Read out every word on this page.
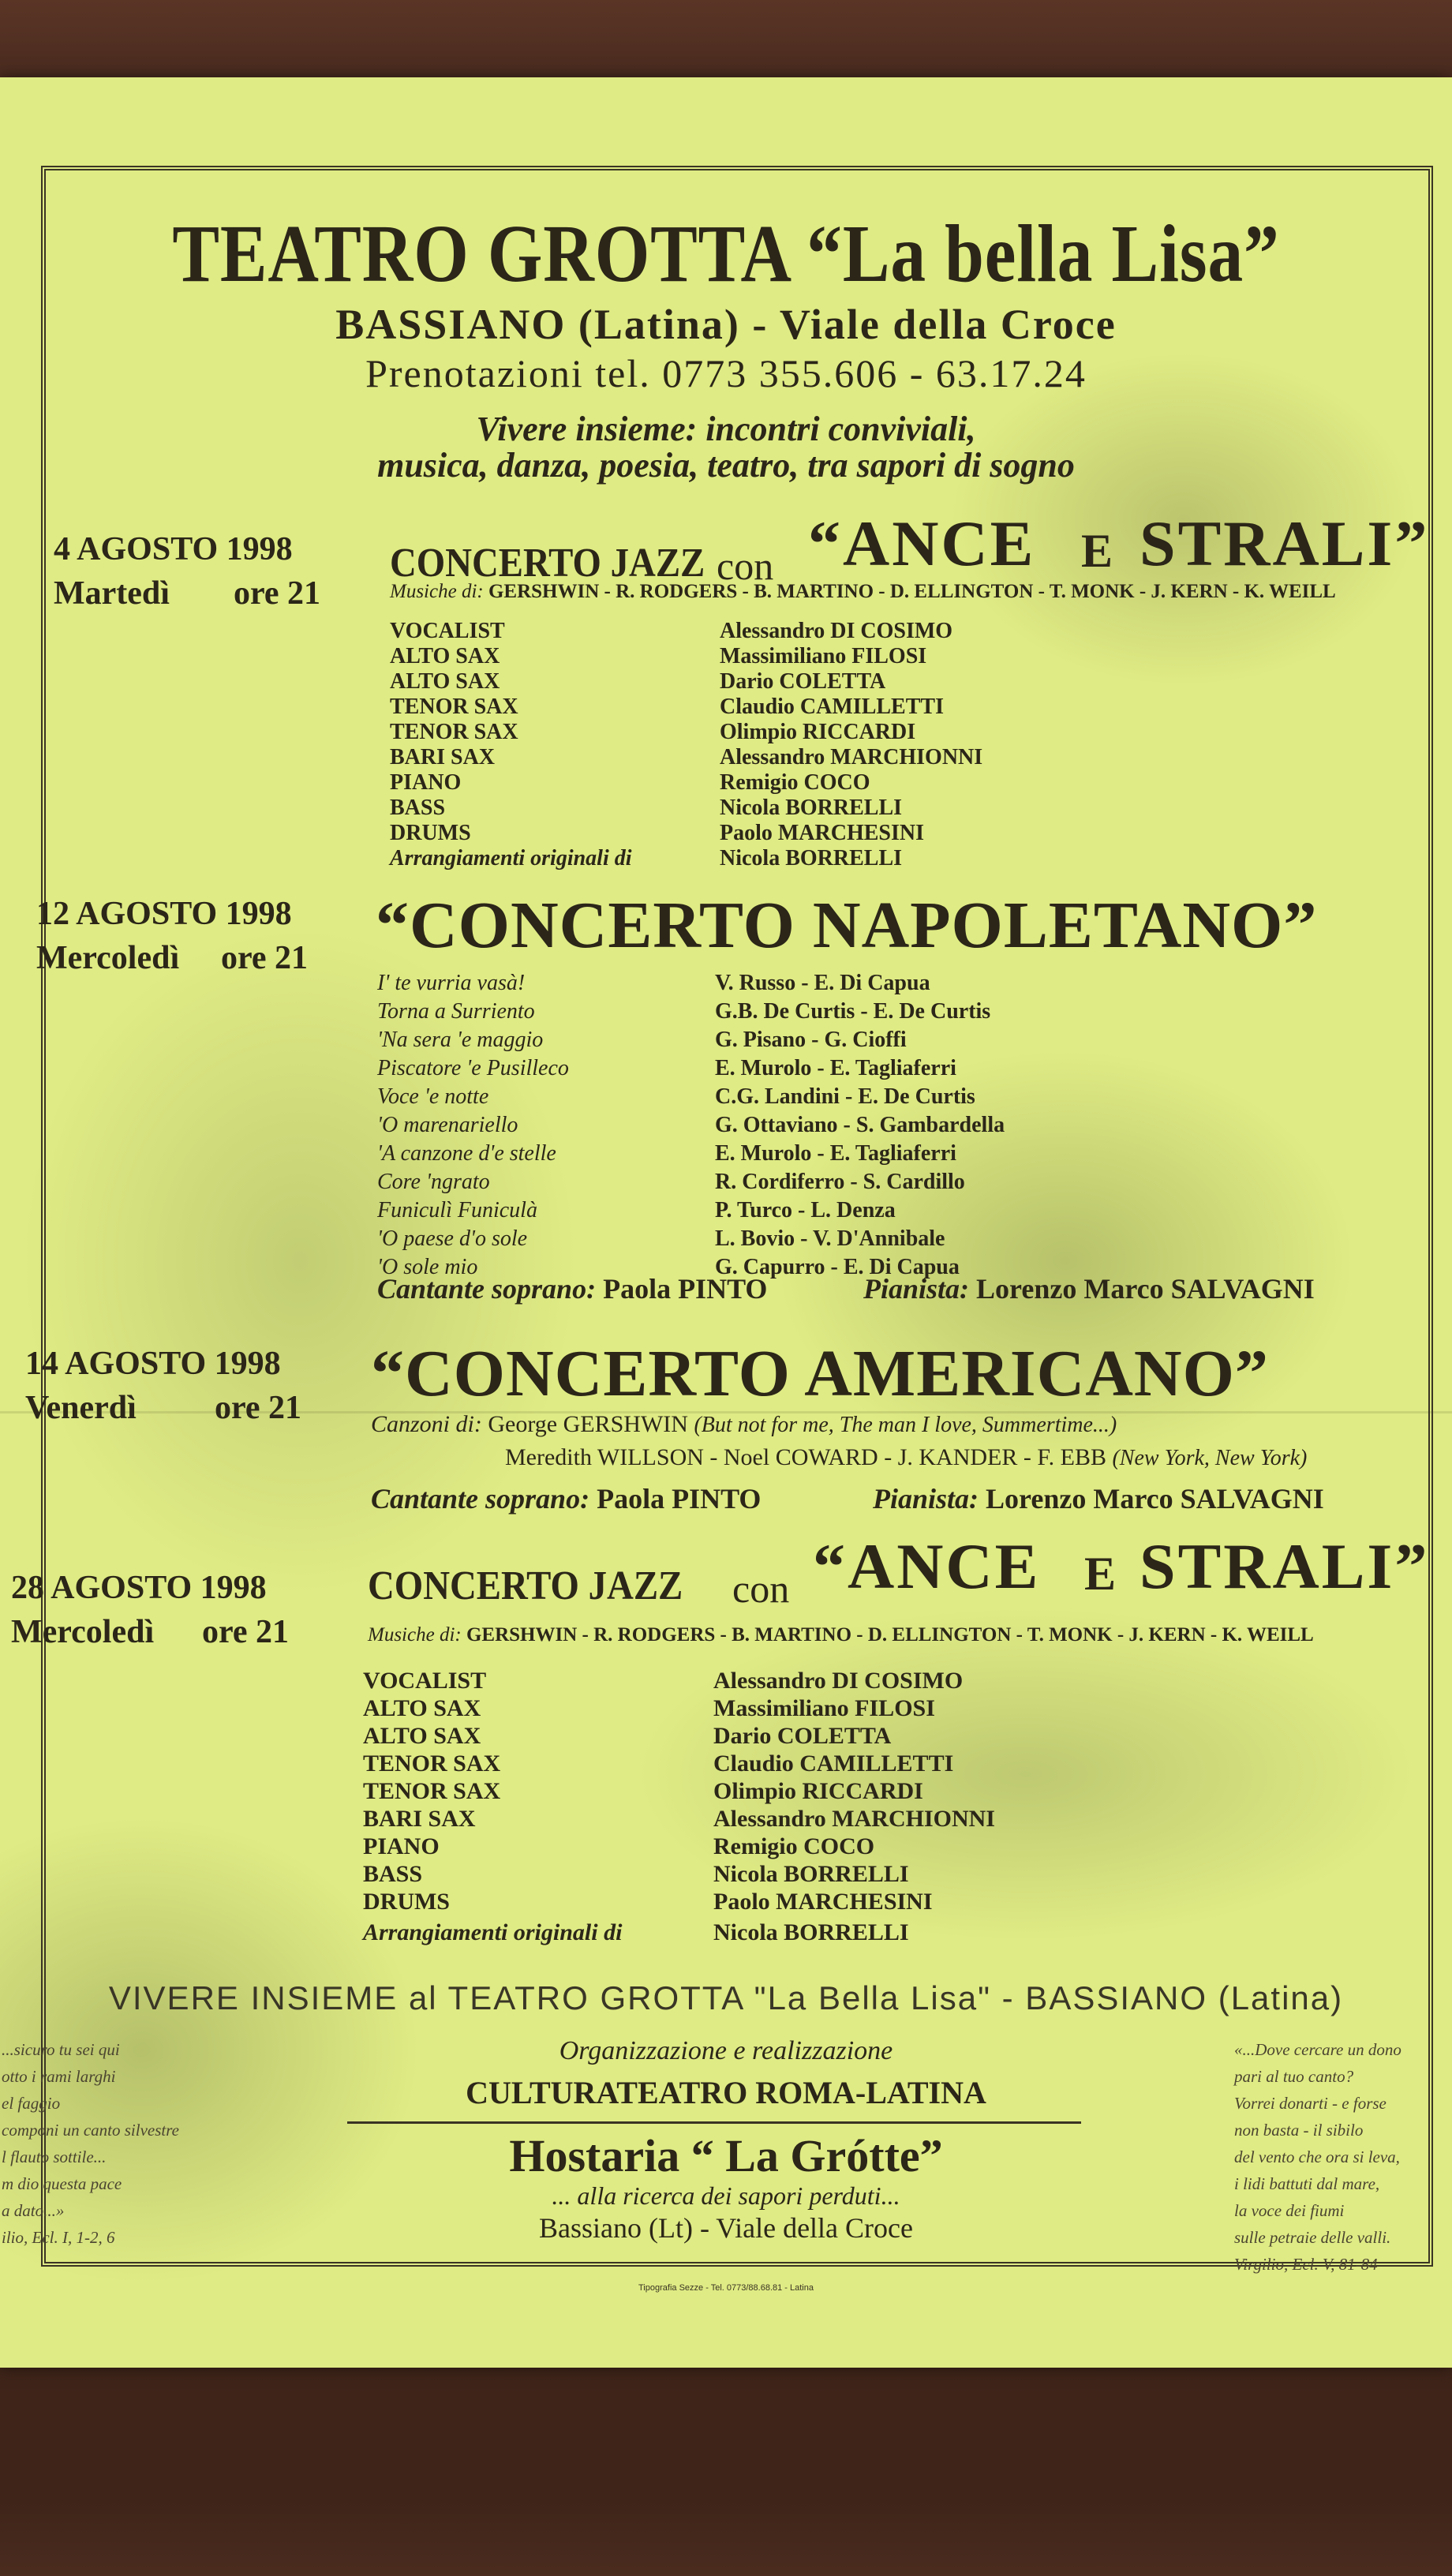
TEATRO GROTTA “La bella Lisa”
BASSIANO (Latina) - Viale della Croce
Prenotazioni tel. 0773 355.606 - 63.17.24
Vivere insieme: incontri conviviali,
musica, danza, poesia, teatro, tra sapori di sogno
4 AGOSTO 1998
Martedì ore 21
CONCERTO JAZZ con “ANCE E STRALI”
Musiche di: GERSHWIN - R. RODGERS - B. MARTINO - D. ELLINGTON - T. MONK - J. KERN - K. WEILL
VOCALIST
ALTO SAX
ALTO SAX
TENOR SAX
TENOR SAX
BARI SAX
PIANO
BASS
DRUMS
Arrangiamenti originali di
Alessandro DI COSIMO
Massimiliano FILOSI
Dario COLETTA
Claudio CAMILLETTI
Olimpio RICCARDI
Alessandro MARCHIONNI
Remigio COCO
Nicola BORRELLI
Paolo MARCHESINI
Nicola BORRELLI
12 AGOSTO 1998
Mercoledì ore 21 “CONCERTO NAPOLETANO”
I' te vurria vasà!
Torna a Surriento
'Na sera 'e maggio
Piscatore 'e Pusilleco
Voce 'e notte
'O marenariello
'A canzone d'e stelle
Core 'ngrato
Funiculì Funiculà
'O paese d'o sole
'O sole mio
V. Russo - E. Di Capua
G.B. De Curtis - E. De Curtis
G. Pisano - G. Cioffi
E. Murolo - E. Tagliaferri
C.G. Landini - E. De Curtis
G. Ottaviano - S. Gambardella
E. Murolo - E. Tagliaferri
R. Cordiferro - S. Cardillo
P. Turco - L. Denza
L. Bovio - V. D'Annibale
G. Capurro - E. Di Capua
Cantante soprano: Paola PINTO	Pianista: Lorenzo Marco SALVAGNI
14 AGOSTO 1998
Venerdì ore 21 “CONCERTO AMERICANO”
Canzoni di: George GERSHWIN (But not for me, The man I love, Summertime...)
Meredith WILLSON - Noel COWARD - J. KANDER - F. EBB (New York, New York)
Cantante soprano: Paola PINTO	Pianista: Lorenzo Marco SALVAGNI
28 AGOSTO 1998
Mercoledì ore 21
CONCERTO JAZZ con “ANCE E STRALI”
Musiche di: GERSHWIN - R. RODGERS - B. MARTINO - D. ELLINGTON - T. MONK - J. KERN - K. WEILL
VOCALIST
ALTO SAX
ALTO SAX
TENOR SAX
TENOR SAX
BARI SAX
PIANO
BASS
DRUMS
Arrangiamenti originali di
Alessandro DI COSIMO
Massimiliano FILOSI
Dario COLETTA
Claudio CAMILLETTI
Olimpio RICCARDI
Alessandro MARCHIONNI
Remigio COCO
Nicola BORRELLI
Paolo MARCHESINI
Nicola BORRELLI
VIVERE INSIEME al TEATRO GROTTA "La Bella Lisa" - BASSIANO (Latina)
Organizzazione e realizzazione
CULTURATEATRO ROMA-LATINA
Hostaria “ La Grótte”
... alla ricerca dei sapori perduti...
Bassiano (Lt) - Viale della Croce
...sicuro tu sei qui
otto i rami larghi
el faggio
componi un canto silvestre
l flauto sottile...
m dio questa pace
a dato...»
ilio, Ecl. I, 1-2, 6
«...Dove cercare un dono
pari al tuo canto?
Vorrei donarti - e forse
non basta - il sibilo
del vento che ora si leva,
i lidi battuti dal mare,
la voce dei fiumi
sulle petraie delle valli.
Virgilio, Ecl. V, 81-84
Tipografia Sezze - Tel. 0773/88.68.81 - Latina
